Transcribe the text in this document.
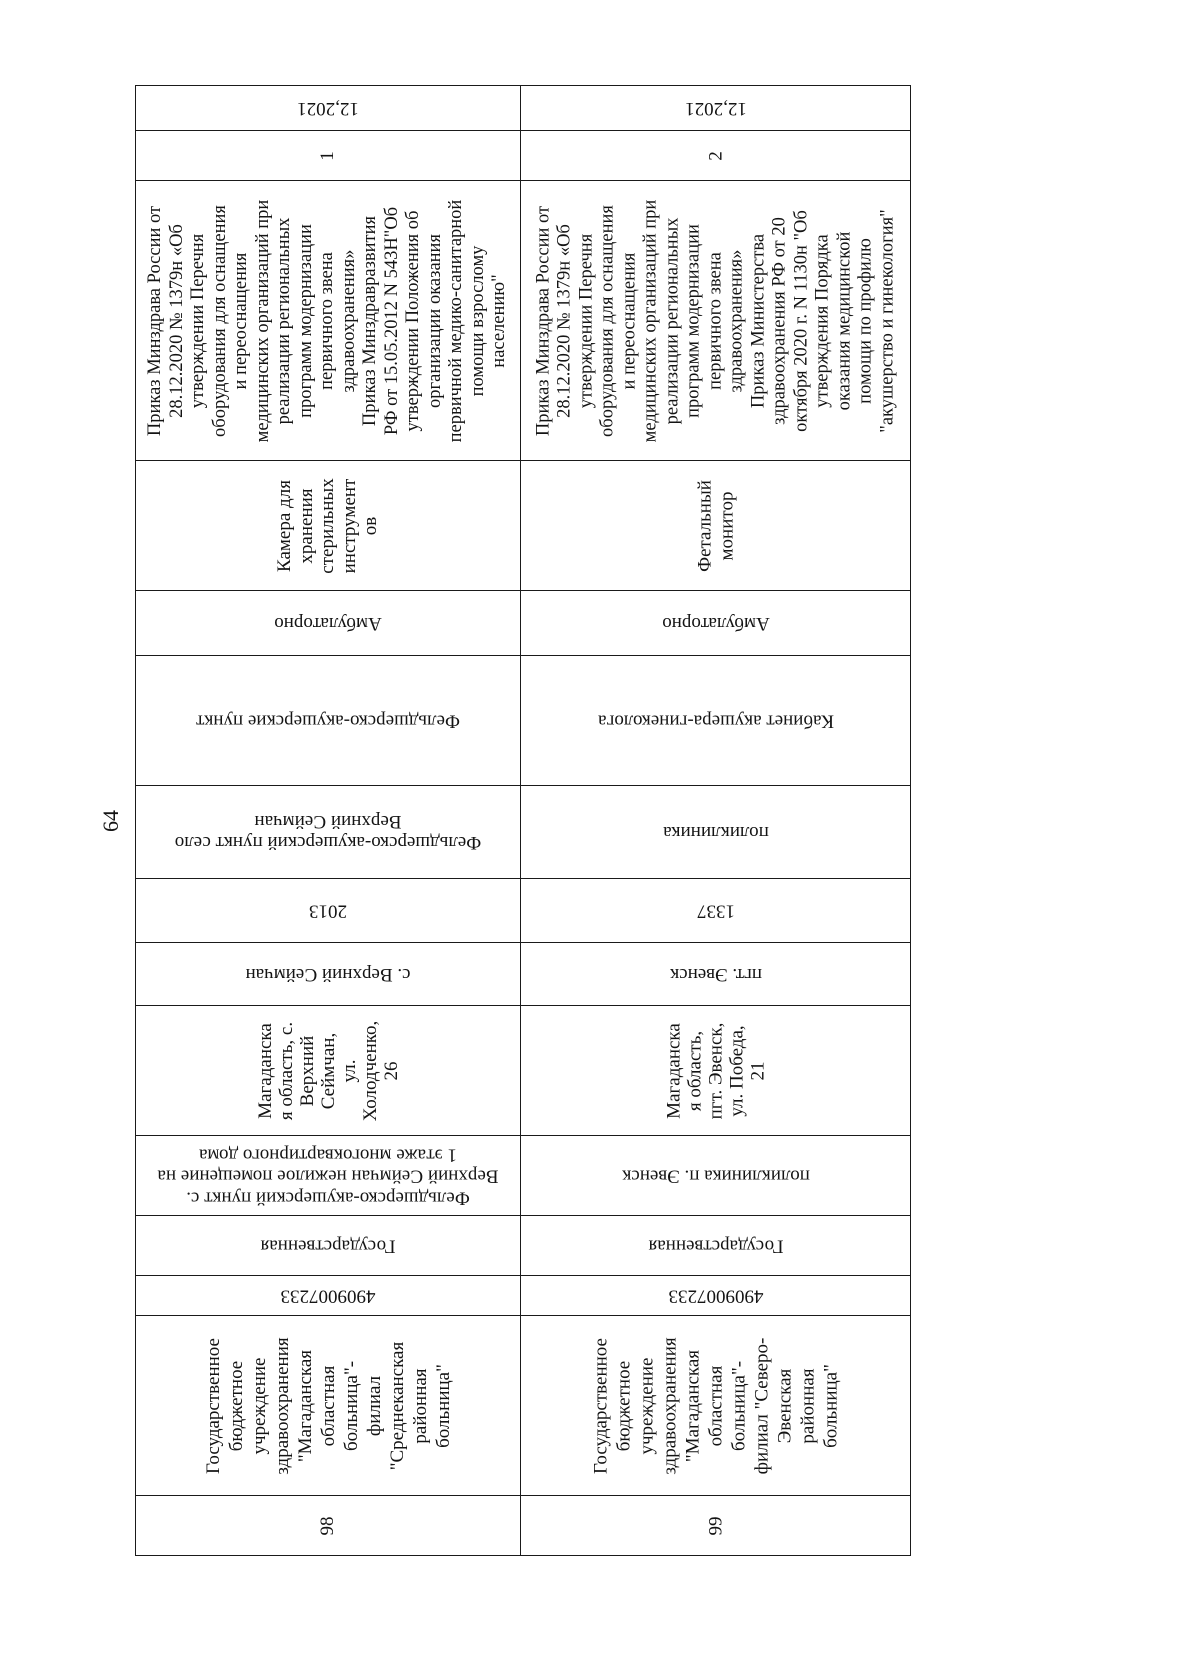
64
12,2021
1
Приказ Минздрава России от 28.12.2020 № 1379н «Об утверждении Перечня оборудования для оснащения и переоснащения медицинских организаций при реализации региональных программ модернизации первичного звена здравоохранения» Приказ Минздравразвития РФ от 15.05.2012 N 543Н"Об утверждении Положения об организации оказания первичной медико-санитарной помощи взрослому населению"
Камера для хранения стерильных инструмент ов
Амбулаторно
Фельдшерско-акушерские пункт
Фельдшерско-акушерский пункт село
Верхний Сеймчан
2013
с. Верхний Сеймчан
Магаданска я область, с. Верхний Сеймчан, ул. Холодченко, 26
Фельдшерско-акушерский пункт с.
Верхний Сеймчан нежилое помещение на
1 этаже многоквартирного дома
Государственная
4909007233
Государственное бюджетное учреждение здравоохранения "Магаданская областная больница"- филиал "Среднеканская районная больница"
98
12,2021
2
Приказ Минздрава России от 28.12.2020 № 1379н «Об утверждении Перечня оборудования для оснащения и переоснащения медицинских организаций при реализации региональных программ модернизации первичного звена здравоохранения» Приказ Министерства здравоохранения РФ от 20 октября 2020 г. N 1130н "Об утверждения Порядка оказания медицинской помощи по профилю "акушерство и гинекология"
Фетальный монитор
Амбулаторно
Кабинет акушера-гинеколога
поликлиника
1337
пгт. Эвенск
Магаданска я область, пгт. Эвенск, ул. Победа, 21
поликлиника п. Эвенск
Государственная
4909007233
Государственное бюджетное учреждение здравоохранения "Магаданская областная больница"- филиал "Северо- Эвенская районная больница"
99
